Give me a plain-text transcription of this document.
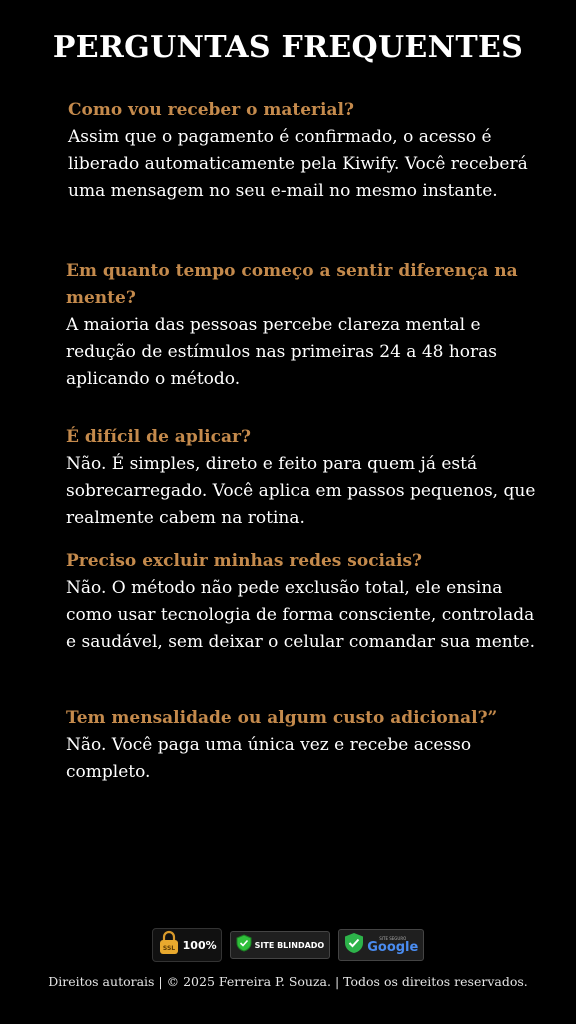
PERGUNTAS FREQUENTES
Como vou receber o material?
Assim que o pagamento é confirmado, o acesso é liberado automaticamente pela Kiwify. Você receberá uma mensagem no seu e-mail no mesmo instante.
Em quanto tempo começo a sentir diferença na mente?
A maioria das pessoas percebe clareza mental e redução de estímulos nas primeiras 24 a 48 horas aplicando o método.
É difícil de aplicar?
Não. É simples, direto e feito para quem já está sobrecarregado. Você aplica em passos pequenos, que realmente cabem na rotina.
Preciso excluir minhas redes sociais?
Não. O método não pede exclusão total, ele ensina como usar tecnologia de forma consciente, controlada e saudável, sem deixar o celular comandar sua mente.
Tem mensalidade ou algum custo adicional?”
Não. Você paga uma única vez e recebe acesso completo.
SSL 100%	SITE BLINDADO
SITE SEGURO
Google
Direitos autorais | © 2025 Ferreira P. Souza. | Todos os direitos reservados.
